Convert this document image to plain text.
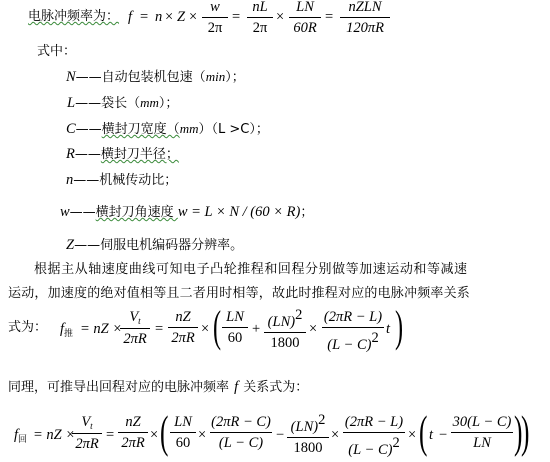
电脉冲频率为： $f = n \times Z \times \frac{w}{2\pi} = \frac{nL}{2\pi} \times \frac{LN}{60R}$ =
nZLN
120πR
式中：
N——自动包装机包速（min）；
L——袋长（mm）；
C——横封刀宽度（mm）（L >C）；
R——横封刀半径；
n——机械传动比；
w——横封刀角速度 w = L × N / (60 × R)；
Z——伺服电机编码器分辨率。
根据主从轴速度曲线可知电子凸轮推程和回程分别做等加速运动和等减速
运动，加速度的绝对值相等且二者用时相等，故此时推程对应的电脉冲频率关系
式为： $f_推$ = nZ ×
$\frac{V_t}{2\pi R} = \frac{nZ}{2\pi R}$ × ( $\frac{LN}{60} + \frac{(LN)^2}{1800} \times \frac{(2\pi R - L)}{(L - C)^2}$ t )
同理，可推导出回程对应的电脉冲频率 f 关系式为：
$f_回$ = nZ ×
$\frac{V_t}{2\pi R} = \frac{nZ}{2\pi R}$ × ( $\frac{LN}{60} \times \frac{(2\pi R - C)}{(L - C)} - \frac{(LN)^2}{1800} \times \frac{(2\pi R - L)}{(L - C)^2}$ × ( $t - \frac{30(L - C)}{LN}$ )
)
